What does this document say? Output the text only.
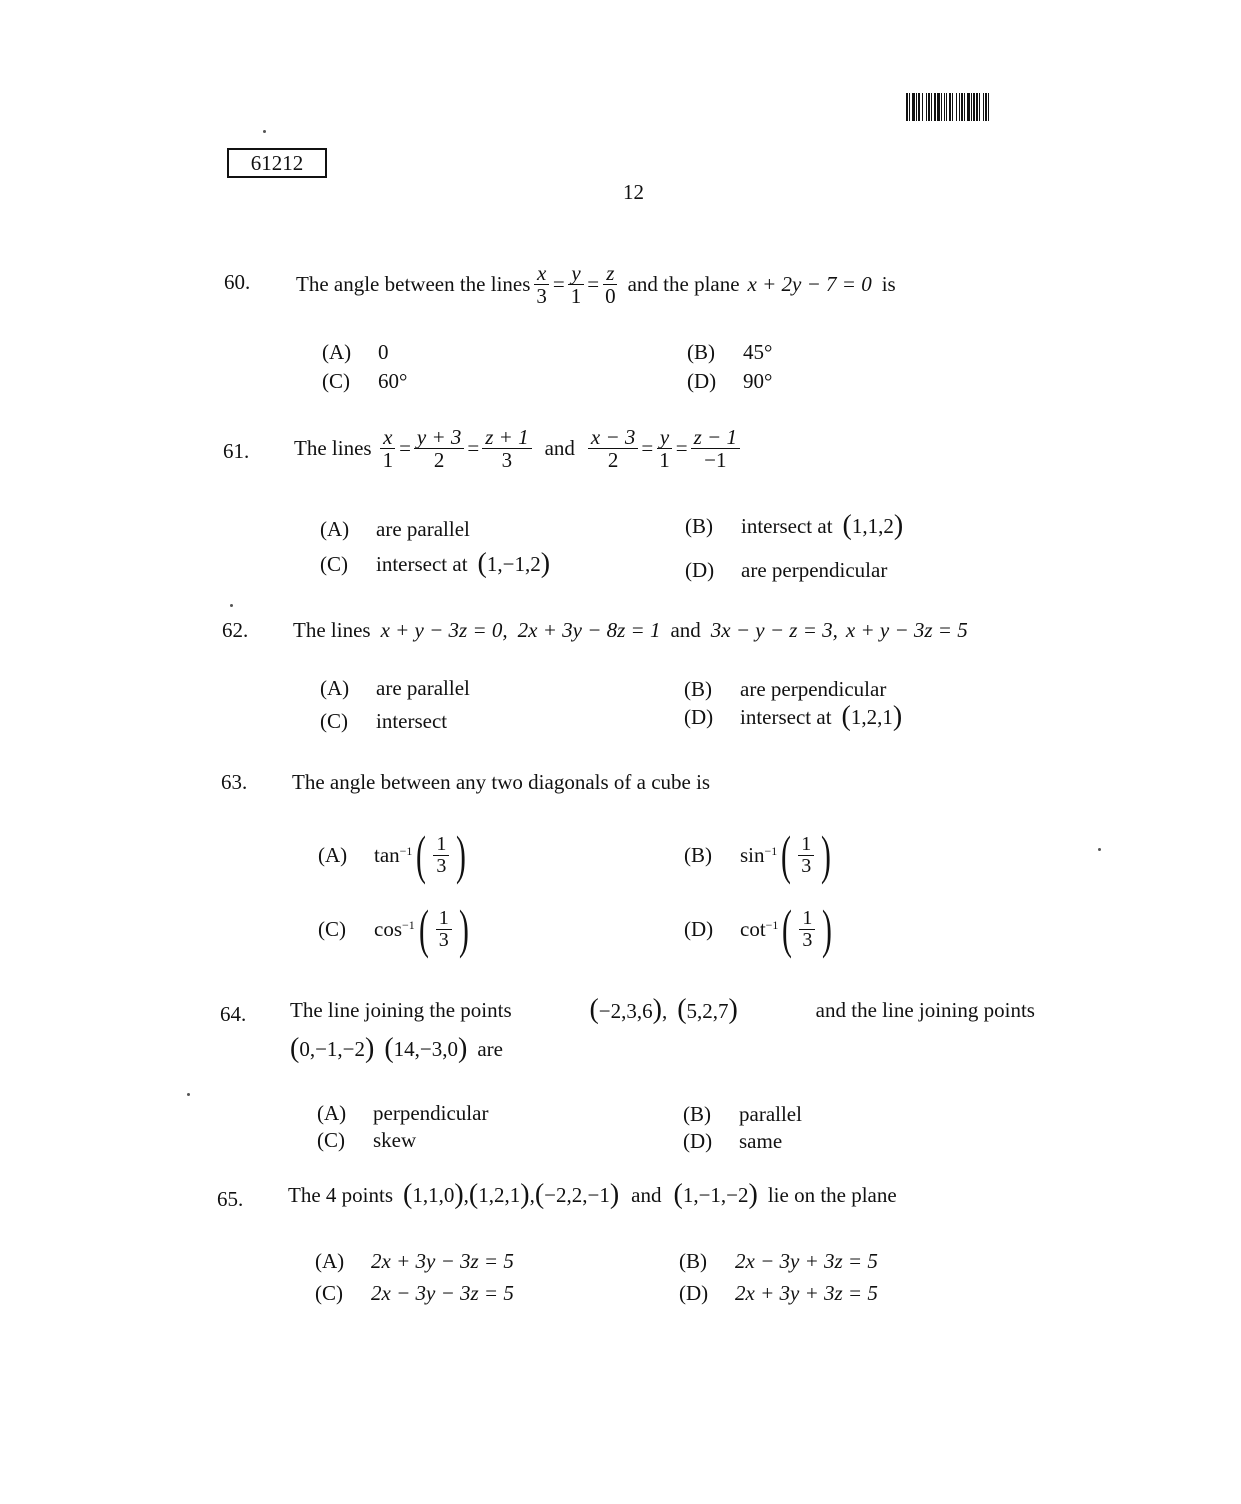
61212
12
60. The angle between the lines $\frac{x}{3} = \frac{y}{1} = \frac{z}{0}$ and the plane x + 2y − 7 = 0 is
(A)	0	(B)	45°
(C)	60°	(D)	90°
61. The lines $\frac{x}{1} = \frac{y + 3}{2} = \frac{z + 1}{3}$ and $\frac{x - 3}{2} = \frac{y}{1} = \frac{z - 1}{-1}$
(A)	are parallel	(B)	intersect at ( 1,1,2 )
(C)	intersect at ( 1,−1,2 )	(D)	are perpendicular
62. The lines x + y − 3z = 0, 2x + 3y − 8z = 1 and 3x − y − z = 3, x + y − 3z = 5
(A)	are parallel	(B)	are perpendicular
(C)	intersect	(D)	intersect at ( 1,2,1 )
63. The angle between any two diagonals of a cube is
(A)	tan −1 ( $\frac{1}{3}$ )	(B)	sin −1 ( $\frac{1}{3}$ )
(C)	cos −1 ( $\frac{1}{3}$ )	(D)	cot −1 ( $\frac{1}{3}$ )
64. The line joining the points	(−2,3,6), (5,2,7)	and the line joining points
( 0,−1,−2 ) ( 14,−3,0 ) are
(A)	perpendicular	(B)	parallel
(C)	skew	(D)	same
65. The 4 points ( 1,1,0 ) , ( 1,2,1 ) , ( −2,2,−1 ) and ( 1,−1,−2 ) lie on the plane
(A)	2x + 3y − 3z = 5	(B)	2x − 3y + 3z = 5
(C)	2x − 3y − 3z = 5	(D)	2x + 3y + 3z = 5
